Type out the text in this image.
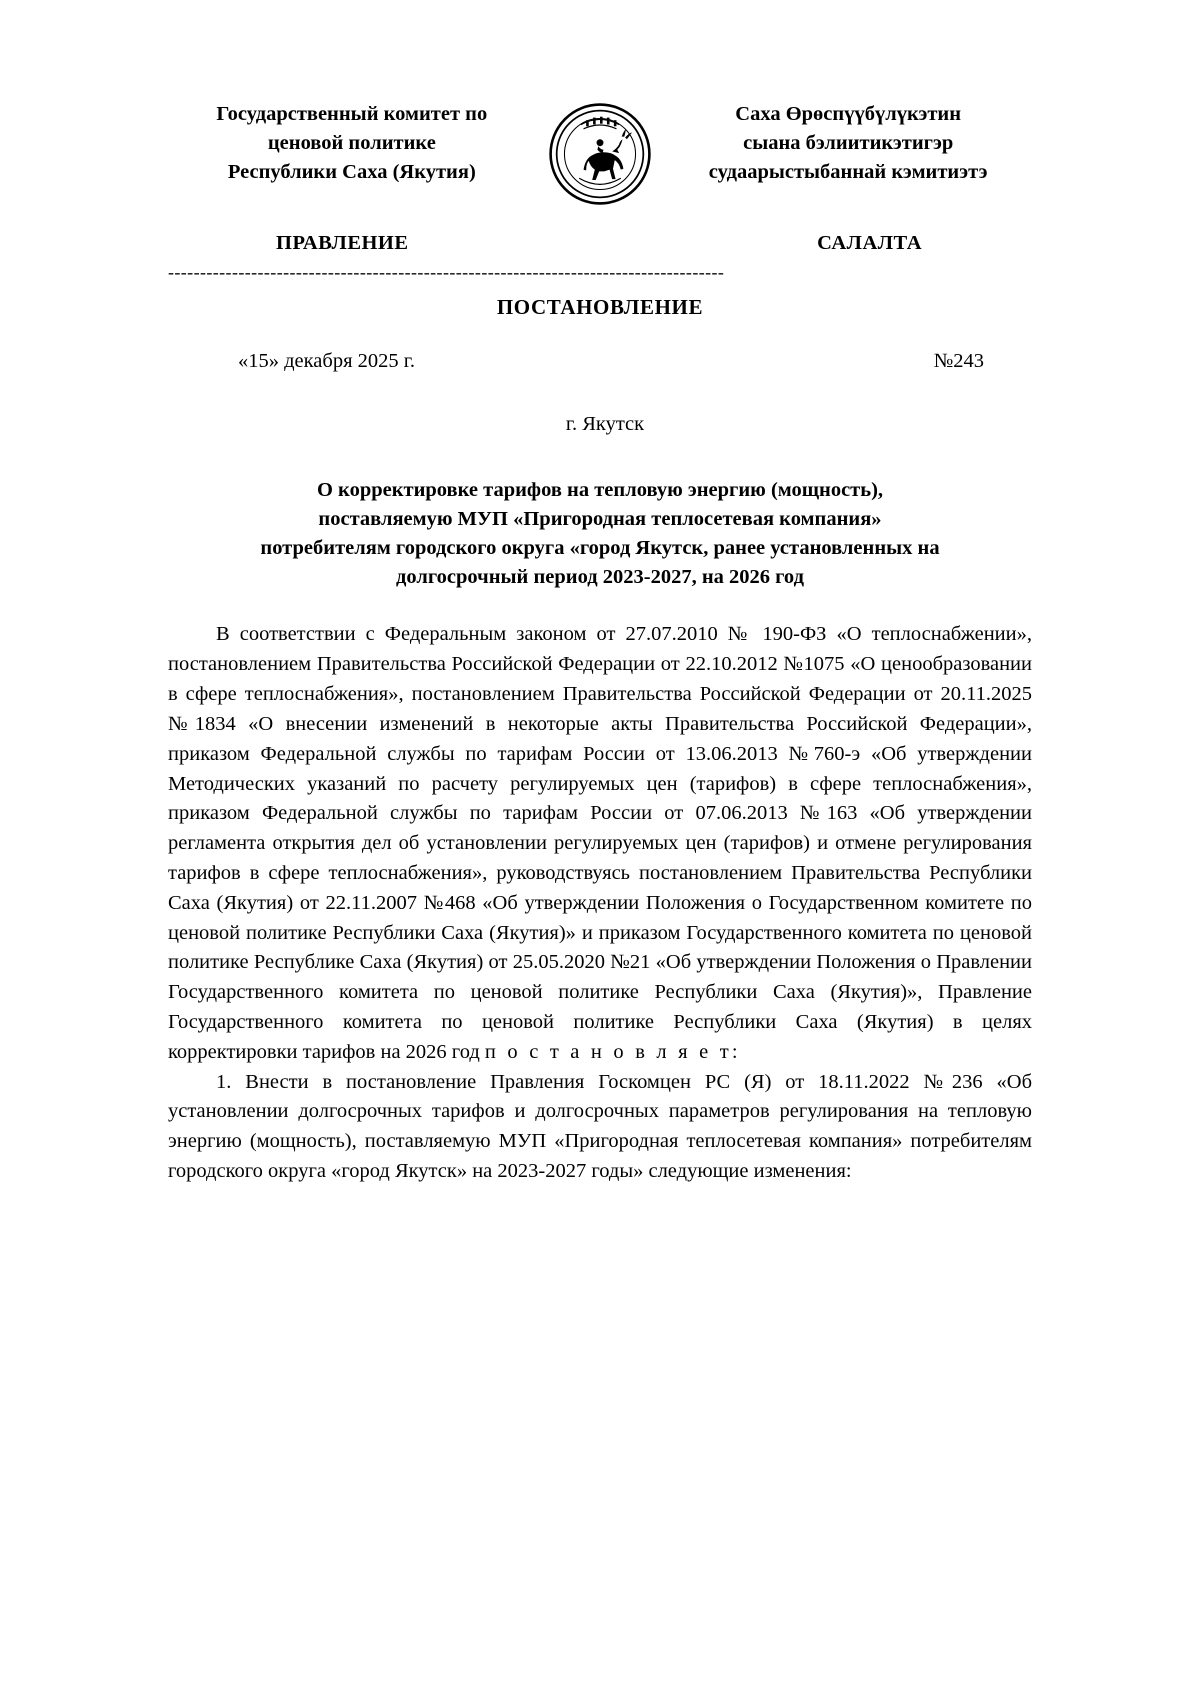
Государственный комитет по
ценовой политике
Республики Саха (Якутия)
Саха Өрөспүүбүлүкэтин
сыана бэлиитикэтигэр
судаарыстыбаннай кэмитиэтэ
ПРАВЛЕНИЕ	САЛАЛТА
---------------------------------------------------------------------------------------
ПОСТАНОВЛЕНИЕ
«15» декабря 2025 г.	№243
г. Якутск
О корректировке тарифов на тепловую энергию (мощность),
поставляемую МУП «Пригородная теплосетевая компания»
потребителям городского округа «город Якутск, ранее установленных на
долгосрочный период 2023-2027, на 2026 год

В соответствии с Федеральным законом от 27.07.2010 № 190-ФЗ «О теплоснабжении», постановлением Правительства Российской Федерации от 22.10.2012 №1075 «О ценообразовании в сфере теплоснабжения», постановлением Правительства Российской Федерации от 20.11.2025 №1834 «О внесении изменений в некоторые акты Правительства Российской Федерации», приказом Федеральной службы по тарифам России от 13.06.2013 №760-э «Об утверждении Методических указаний по расчету регулируемых цен (тарифов) в сфере теплоснабжения», приказом Федеральной службы по тарифам России от 07.06.2013 №163 «Об утверждении регламента открытия дел об установлении регулируемых цен (тарифов) и отмене регулирования тарифов в сфере теплоснабжения», руководствуясь постановлением Правительства Республики Саха (Якутия) от 22.11.2007 №468 «Об утверждении Положения о Государственном комитете по ценовой политике Республики Саха (Якутия)» и приказом Государственного комитета по ценовой политике Республике Саха (Якутия) от 25.05.2020 №21 «Об утверждении Положения о Правлении Государственного комитета по ценовой политике Республики Саха (Якутия)», Правление Государственного комитета по ценовой политике Республики Саха (Якутия) в целях корректировки тарифов на 2026 год п о с т а н о в л я е т:

1. Внести в постановление Правления Госкомцен РС (Я) от 18.11.2022 №236 «Об установлении долгосрочных тарифов и долгосрочных параметров регулирования на тепловую энергию (мощность), поставляемую МУП «Пригородная теплосетевая компания» потребителям городского округа «город Якутск» на 2023-2027 годы» следующие изменения:
